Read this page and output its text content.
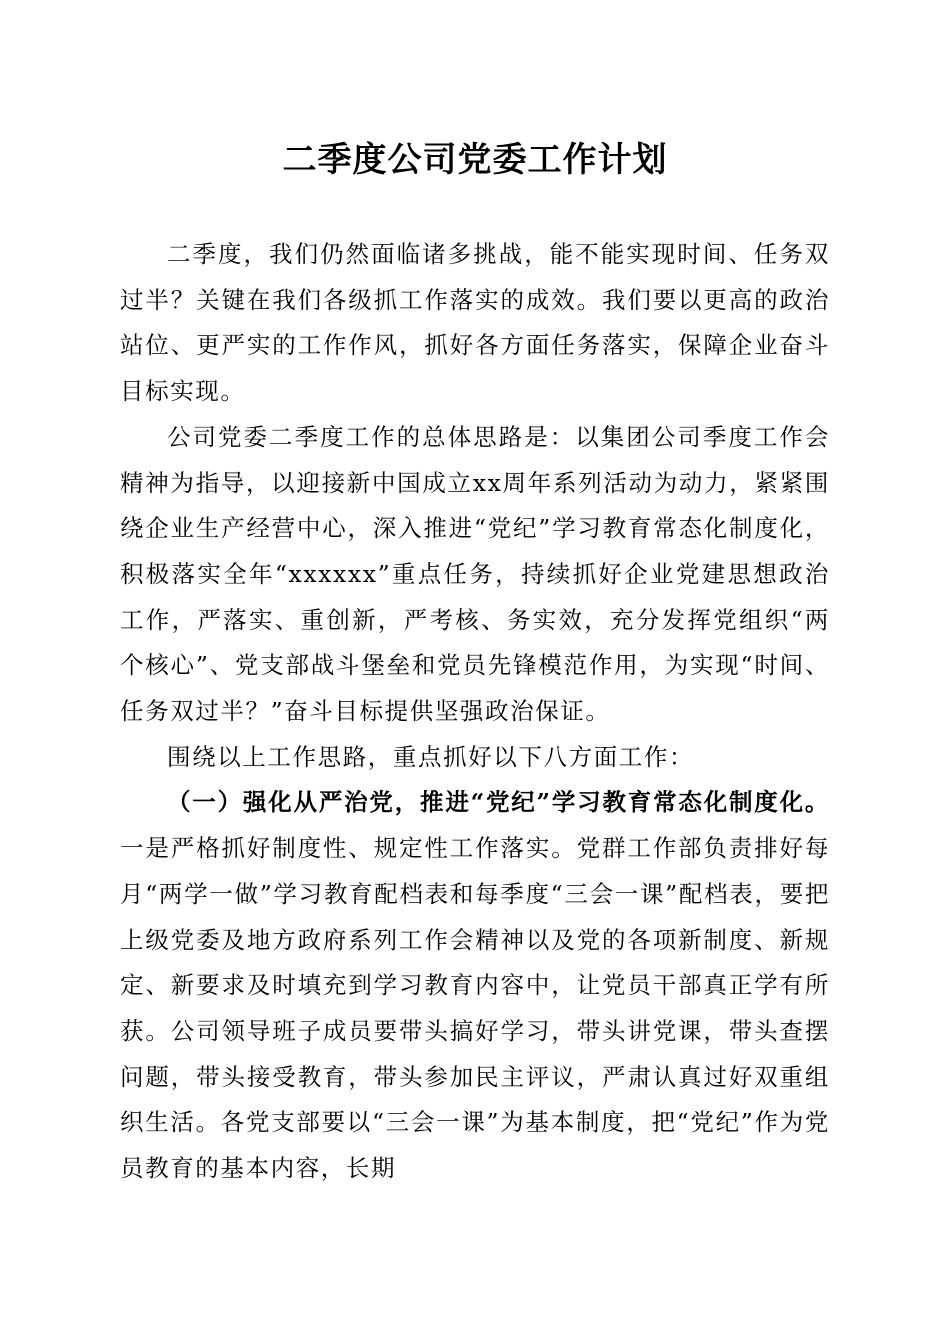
二季度公司党委工作计划

二季度，我们仍然面临诸多挑战，能不能实现时间、任务双过半？关键在我们各级抓工作落实的成效。我们要以更高的政治站位、更严实的工作作风，抓好各方面任务落实，保障企业奋斗目标实现。

公司党委二季度工作的总体思路是：以集团公司季度工作会精神为指导，以迎接新中国成立xx周年系列活动为动力，紧紧围绕企业生产经营中心，深入推进“党纪”学习教育常态化制度化，积极落实全年“xxxxxx”重点任务，持续抓好企业党建思想政治工作，严落实、重创新，严考核、务实效，充分发挥党组织“两个核心”、党支部战斗堡垒和党员先锋模范作用，为实现“时间、任务双过半？”奋斗目标提供坚强政治保证。

围绕以上工作思路，重点抓好以下八方面工作：

（一）强化从严治党，推进“党纪”学习教育常态化制度化。一是严格抓好制度性、规定性工作落实。党群工作部负责排好每月“两学一做”学习教育配档表和每季度“三会一课”配档表，要把上级党委及地方政府系列工作会精神以及党的各项新制度、新规定、新要求及时填充到学习教育内容中，让党员干部真正学有所获。公司领导班子成员要带头搞好学习，带头讲党课，带头查摆问题，带头接受教育，带头参加民主评议，严肃认真过好双重组织生活。各党支部要以“三会一课”为基本制度，把“党纪”作为党员教育的基本内容，长期
